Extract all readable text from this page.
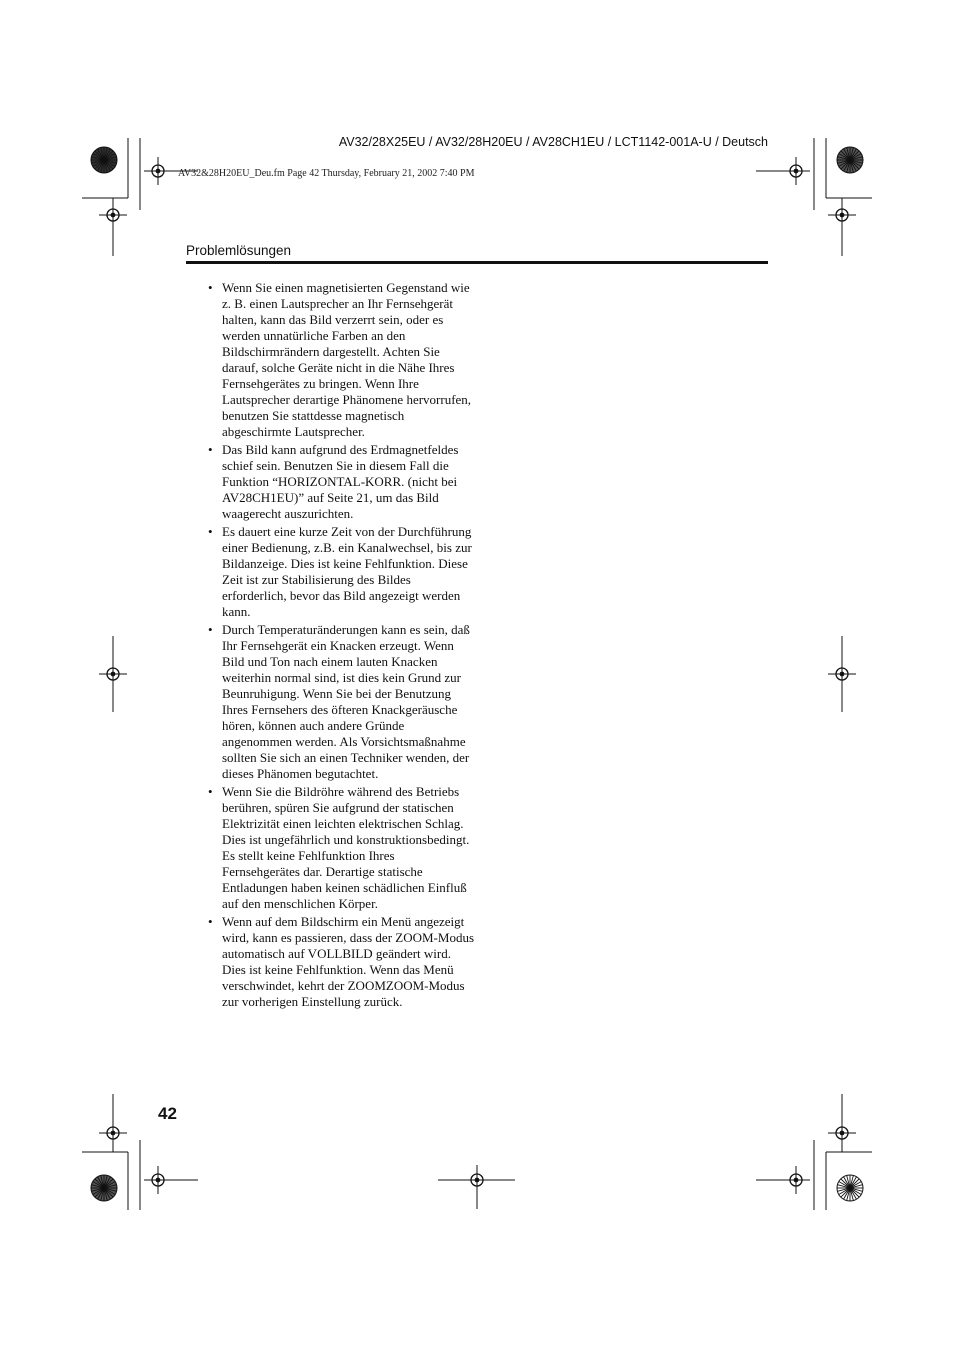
AV32/28X25EU / AV32/28H20EU / AV28CH1EU / LCT1142-001A-U / Deutsch
AV32&28H20EU_Deu.fm Page 42 Thursday, February 21, 2002 7:40 PM
Problemlösungen
• Wenn Sie einen magnetisierten Gegenstand wie z. B. einen Lautsprecher an Ihr Fernsehgerät halten, kann das Bild verzerrt sein, oder es werden unnatürliche Farben an den Bildschirmrändern dargestellt. Achten Sie darauf, solche Geräte nicht in die Nähe Ihres Fernsehgerätes zu bringen. Wenn Ihre Lautsprecher derartige Phänomene hervorrufen, benutzen Sie stattdesse magnetisch abgeschirmte Lautsprecher.
• Das Bild kann aufgrund des Erdmagnetfeldes schief sein. Benutzen Sie in diesem Fall die Funktion “HORIZONTAL-KORR. (nicht bei AV28CH1EU)” auf Seite 21, um das Bild waagerecht auszurichten.
• Es dauert eine kurze Zeit von der Durchführung einer Bedienung, z.B. ein Kanalwechsel, bis zur Bildanzeige. Dies ist keine Fehlfunktion. Diese Zeit ist zur Stabilisierung des Bildes erforderlich, bevor das Bild angezeigt werden kann.
• Durch Temperaturänderungen kann es sein, daß Ihr Fernsehgerät ein Knacken erzeugt. Wenn Bild und Ton nach einem lauten Knacken weiterhin normal sind, ist dies kein Grund zur Beunruhigung. Wenn Sie bei der Benutzung Ihres Fernsehers des öfteren Knackgeräusche hören, können auch andere Gründe angenommen werden. Als Vorsichtsmaßnahme sollten Sie sich an einen Techniker wenden, der dieses Phänomen begutachtet.
• Wenn Sie die Bildröhre während des Betriebs berühren, spüren Sie aufgrund der statischen Elektrizität einen leichten elektrischen Schlag. Dies ist ungefährlich und konstruktionsbedingt. Es stellt keine Fehlfunktion Ihres Fernsehgerätes dar. Derartige statische Entladungen haben keinen schädlichen Einfluß auf den menschlichen Körper.
• Wenn auf dem Bildschirm ein Menü angezeigt wird, kann es passieren, dass der ZOOM-Modus automatisch auf VOLLBILD geändert wird. Dies ist keine Fehlfunktion. Wenn das Menü verschwindet, kehrt der ZOOMZOOM-Modus zur vorherigen Einstellung zurück.
42
